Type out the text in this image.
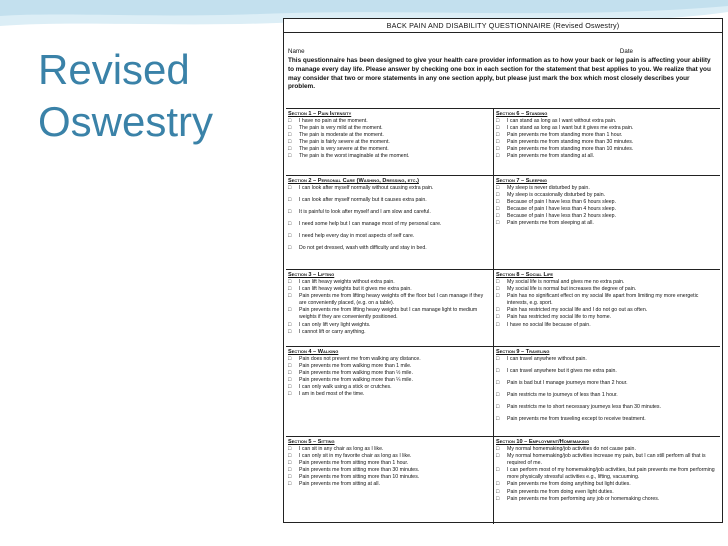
Revised
Oswestry
BACK PAIN AND DISABILITY QUESTIONNAIRE (Revised Oswestry)
Name	Date
This questionnaire has been designed to give your health care provider information as to how your back or leg pain is affecting your ability to manage every day life. Please answer by checking one box in each section for the statement that best applies to you. We realize that you may consider that two or more statements in any one section apply, but please just mark the box which most closely describes your problem.
Section 1 – Pain Intensity
□	I have no pain at the moment.
□	The pain is very mild at the moment.
□	The pain is moderate at the moment.
□	The pain is fairly severe at the moment.
□	The pain is very severe at the moment.
□	The pain is the worst imaginable at the moment.
Section 6 – Standing
□	I can stand as long as I want without extra pain.
□	I can stand as long as I want but it gives me extra pain.
□	Pain prevents me from standing more than 1 hour.
□	Pain prevents me from standing more than 30 minutes.
□	Pain prevents me from standing more than 10 minutes.
□	Pain prevents me from standing at all.
Section 2 – Personal Care (Washing, Dressing, etc.)
□	I can look after myself normally without causing extra pain.
□	I can look after myself normally but it causes extra pain.
□	It is painful to look after myself and I am slow and careful.
□	I need some help but I can manage most of my personal care.
□	I need help every day in most aspects of self care.
□	Do not get dressed, wash with difficulty and stay in bed.
Section 7 – Sleeping
□	My sleep is never disturbed by pain.
□	My sleep is occasionally disturbed by pain.
□	Because of pain I have less than 6 hours sleep.
□	Because of pain I have less than 4 hours sleep.
□	Because of pain I have less than 2 hours sleep.
□	Pain prevents me from sleeping at all.
Section 3 – Lifting
□	I can lift heavy weights without extra pain.
□	I can lift heavy weights but it gives me extra pain.
□	Pain prevents me from lifting heavy weights off the floor but I can manage if they are conveniently placed, (e.g. on a table).
□	Pain prevents me from lifting heavy weights but I can manage light to medium weights if they are conveniently positioned.
□	I can only lift very light weights.
□	I cannot lift or carry anything.
Section 8 – Social Life
□	My social life is normal and gives me no extra pain.
□	My social life is normal but increases the degree of pain.
□	Pain has no significant effect on my social life apart from limiting my more energetic interests, e.g. sport.
□	Pain has restricted my social life and I do not go out as often.
□	Pain has restricted my social life to my home.
□	I have no social life because of pain.
Section 4 – Walking
□	Pain does not prevent me from walking any distance.
□	Pain prevents me from walking more than 1 mile.
□	Pain prevents me from walking more than ½ mile.
□	Pain prevents me from walking more than ¼ mile.
□	I can only walk using a stick or crutches.
□	I am in bed most of the time.
Section 9 – Traveling
□	I can travel anywhere without pain.
□	I can travel anywhere but it gives me extra pain.
□	Pain is bad but I manage journeys more than 2 hour.
□	Pain restricts me to journeys of less than 1 hour.
□	Pain restricts me to short necessary journeys less than 30 minutes.
□	Pain prevents me from traveling except to receive treatment.
Section 5 – Sitting
□	I can sit in any chair as long as I like.
□	I can only sit in my favorite chair as long as I like.
□	Pain prevents me from sitting more than 1 hour.
□	Pain prevents me from sitting more than 30 minutes.
□	Pain prevents me from sitting more than 10 minutes.
□	Pain prevents me from sitting at all.
Section 10 – Employment/Homemaking
□	My normal homemaking/job activities do not cause pain.
□	My normal homemaking/job activities increase my pain, but I can still perform all that is required of me.
□	I can perform most of my homemaking/job activities, but pain prevents me from performing more physically stressful activities e.g., lifting, vacuuming.
□	Pain prevents me from doing anything but light duties.
□	Pain prevents me from doing even light duties.
□	Pain prevents me from performing any job or homemaking chores.
